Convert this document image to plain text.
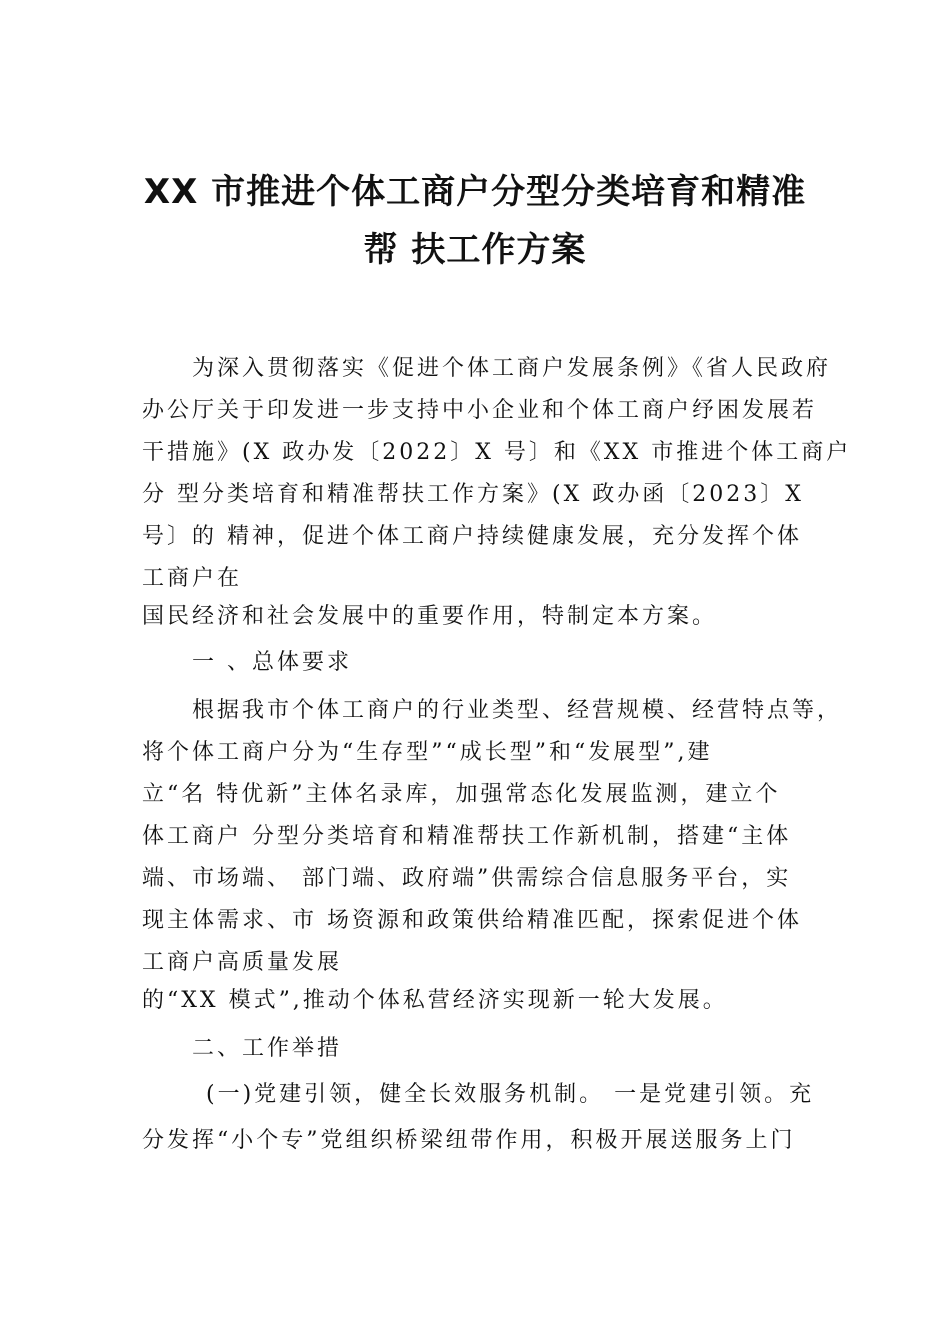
XX 市推进个体工商户分型分类培育和精准
帮 扶工作方案
为深入贯彻落实《促进个体工商户发展条例》《省人民政府
办公厅关于印发进一步支持中小企业和个体工商户纾困发展若
干措施》(X 政办发〔2022〕X 号〕和《XX 市推进个体工商户
分 型分类培育和精准帮扶工作方案》(X 政办函〔2023〕X
号〕的 精神，促进个体工商户持续健康发展，充分发挥个体
工商户在
国民经济和社会发展中的重要作用，特制定本方案。
一 、总体要求
根据我市个体工商户的行业类型、经营规模、经营特点等，
将个体工商户分为“生存型”“成长型”和“发展型”,建
立“名 特优新”主体名录库，加强常态化发展监测，建立个
体工商户 分型分类培育和精准帮扶工作新机制，搭建“主体
端、市场端、 部门端、政府端”供需综合信息服务平台，实
现主体需求、市 场资源和政策供给精准匹配，探索促进个体
工商户高质量发展
的“XX 模式”,推动个体私营经济实现新一轮大发展。
二、工作举措
(一)党建引领，健全长效服务机制。 一是党建引领。充
分发挥“小个专”党组织桥梁纽带作用，积极开展送服务上门
